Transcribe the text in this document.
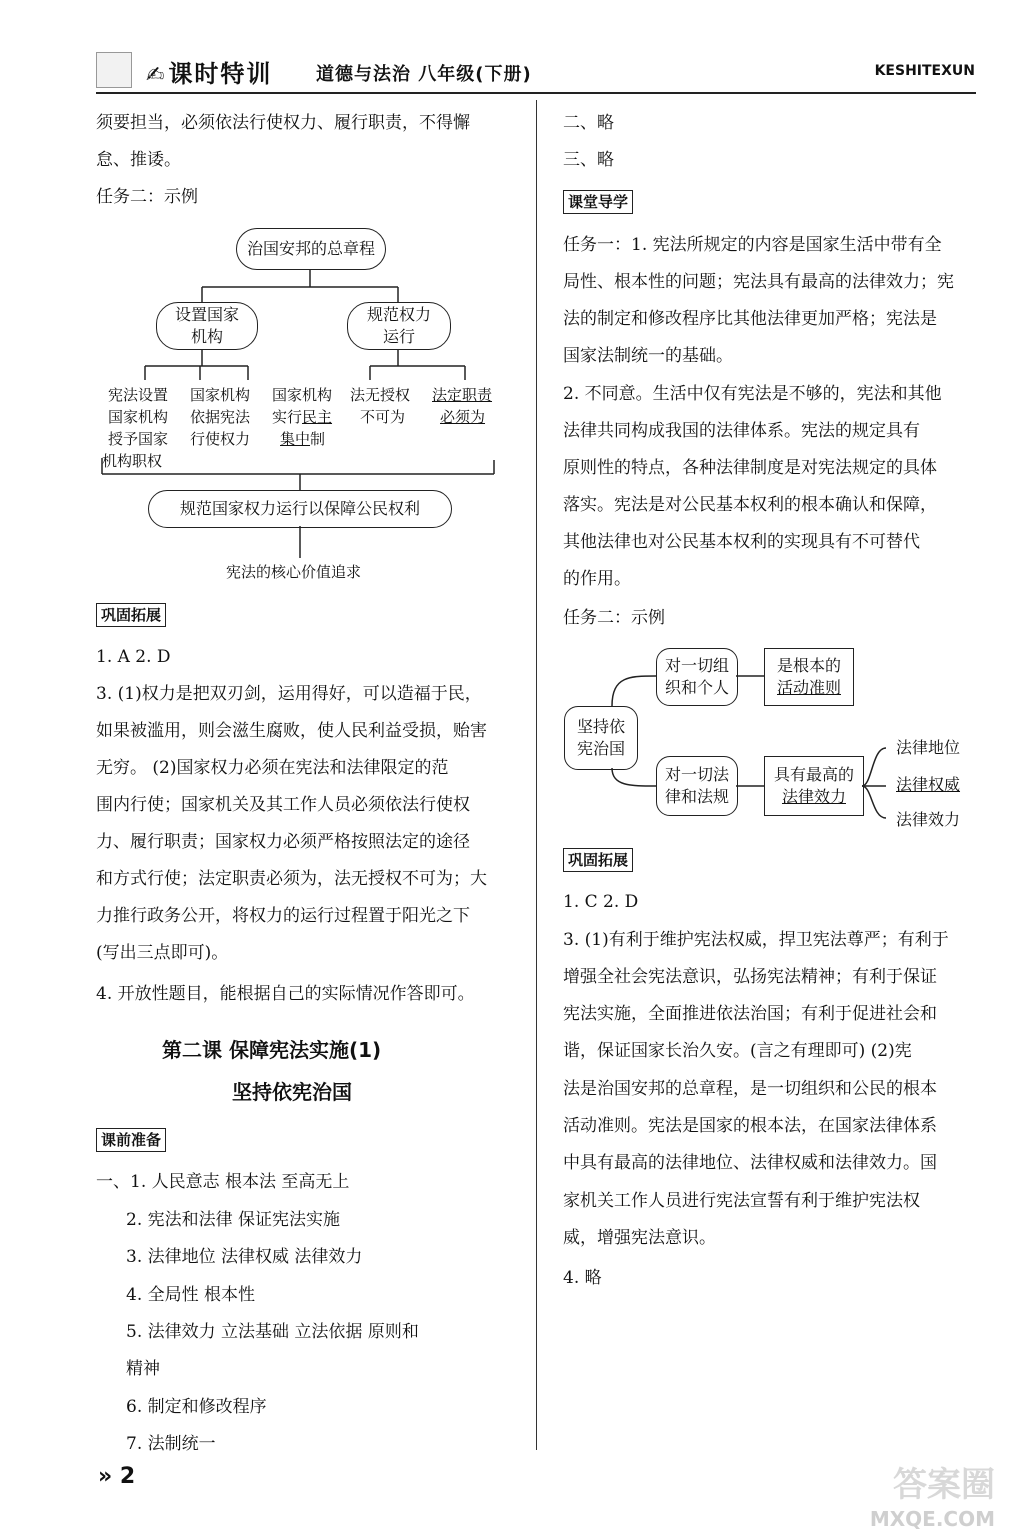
✍课时特训 道德与法治 八年级(下册)	KESHITEXUN
须要担当，必须依法行使权力、履行职责，不得懈
怠、推诿。
任务二：示例
治国安邦的总章程
设置国家
机构
规范权力
运行
宪法设置
国家机构
授予国家
机构职权
国家机构
依据宪法
行使权力
国家机构
实行民主
集中制
法无授权
不可为
法定职责
必须为
规范国家权力运行以保障公民权利
宪法的核心价值追求
巩固拓展
1. A 2. D
3. (1)权力是把双刃剑，运用得好，可以造福于民，
如果被滥用，则会滋生腐败，使人民利益受损，贻害
无穷。 (2)国家权力必须在宪法和法律限定的范
围内行使；国家机关及其工作人员必须依法行使权
力、履行职责；国家权力必须严格按照法定的途径
和方式行使；法定职责必须为，法无授权不可为；大
力推行政务公开，将权力的运行过程置于阳光之下
(写出三点即可)。
4. 开放性题目，能根据自己的实际情况作答即可。
第二课 保障宪法实施(1)
坚持依宪治国
课前准备
一、1. 人民意志 根本法 至高无上
2. 宪法和法律 保证宪法实施
3. 法律地位 法律权威 法律效力
4. 全局性 根本性
5. 法律效力 立法基础 立法依据 原则和
精神
6. 制定和修改程序
7. 法制统一
二、略
三、略
课堂导学
任务一：1. 宪法所规定的内容是国家生活中带有全
局性、根本性的问题；宪法具有最高的法律效力；宪
法的制定和修改程序比其他法律更加严格；宪法是
国家法制统一的基础。
2. 不同意。生活中仅有宪法是不够的，宪法和其他
法律共同构成我国的法律体系。宪法的规定具有
原则性的特点，各种法律制度是对宪法规定的具体
落实。宪法是对公民基本权利的根本确认和保障，
其他法律也对公民基本权利的实现具有不可替代
的作用。
任务二：示例
坚持依
宪治国
对一切组
织和个人
是根本的
活动准则
对一切法
律和法规
具有最高的
法律效力
法律地位
法律权威
法律效力
巩固拓展
1. C 2. D
3. (1)有利于维护宪法权威，捍卫宪法尊严；有利于
增强全社会宪法意识，弘扬宪法精神；有利于保证
宪法实施，全面推进依法治国；有利于促进社会和
谐，保证国家长治久安。(言之有理即可) (2)宪
法是治国安邦的总章程，是一切组织和公民的根本
活动准则。宪法是国家的根本法，在国家法律体系
中具有最高的法律地位、法律权威和法律效力。国
家机关工作人员进行宪法宣誓有利于维护宪法权
威，增强宪法意识。
4. 略
» 2	答案圈
MXQE.COM
